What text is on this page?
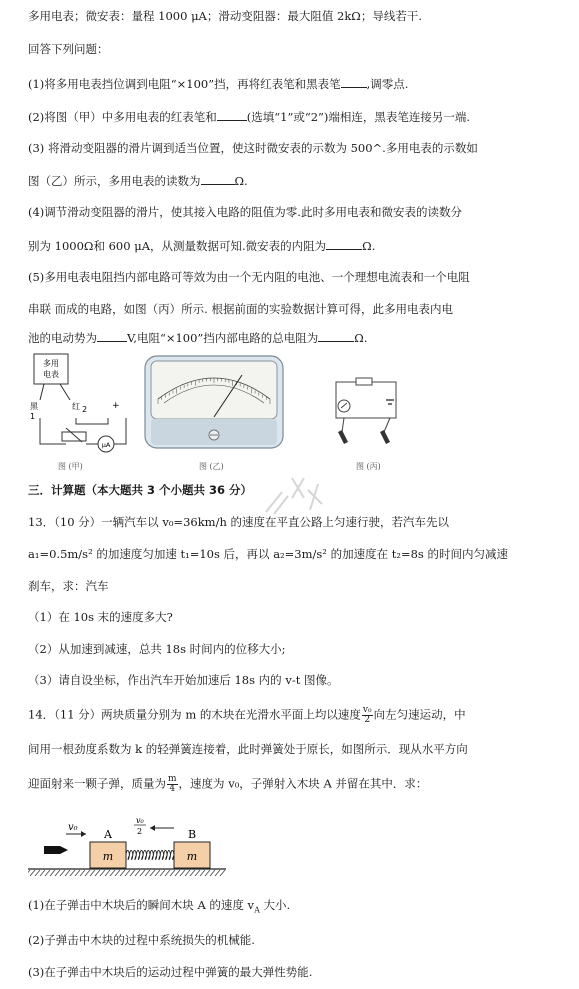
多用电表；微安表：量程 1000 μA；滑动变阻器：最大阻值 2kΩ；导线若干.
回答下列问题：
(1)将多用电表挡位调到电阻“×100”挡，再将红表笔和黑表笔 ,调零点.
(2)将图（甲）中多用电表的红表笔和	(选填“1”或“2”)端相连，黑表笔连接另一端.
(3) 将滑动变阻器的滑片调到适当位置，使这时微安表的示数为 500^.多用电表的示数如
图（乙）所示，多用电表的读数为	Ω.
(4)调节滑动变阻器的滑片，使其接入电路的阻值为零.此时多用电表和微安表的读数分
别为 1000Ω和 600 μA，从测量数据可知.微安表的内阻为	Ω.
(5)多用电表电阻挡内部电路可等效为由一个无内阻的电池、一个理想电流表和一个电阻
串联 而成的电路，如图（丙）所示. 根据前面的实验数据计算可得，此多用电表内电
池的电动势为	V,电阻“×100”挡内部电路的总电阻为	Ω.
多用
电表
黑
1
红 2	+
μA
图 (甲)	图 (乙)	图 (丙)
三．计算题（本大题共 3 个小题共 36 分）
13．（10 分）一辆汽车以 v₀=36km/h 的速度在平直公路上匀速行驶，若汽车先以
a₁=0.5m/s² 的加速度匀加速 t₁=10s 后，再以 a₂=3m/s² 的加速度在 t₂=8s 的时间内匀减速
刹车，求：汽车
（1）在 10s 末的速度多大?
（2）从加速到减速，总共 18s 时间内的位移大小;
（3）请自设坐标，作出汽车开始加速后 18s 内的 v-t 图像。
14．（11 分）两块质量分别为 m 的木块在光滑水平面上均以速度 $\frac{\text{v₀}}{2}$ 向左匀速运动，中
间用一根劲度系数为 k 的轻弹簧连接着，此时弹簧处于原长，如图所示．现从水平方向
迎面射来一颗子弹，质量为 $\frac{m}{4}$ ，速度为 v₀，子弹射入木块 A 并留在其中．求：
v₀
A	B
v₀
2
m	m
(1)在子弹击中木块后的瞬间木块 A 的速度 $v_A$ 大小.
(2)子弹击中木块的过程中系统损失的机械能.
(3)在子弹击中木块后的运动过程中弹簧的最大弹性势能.
